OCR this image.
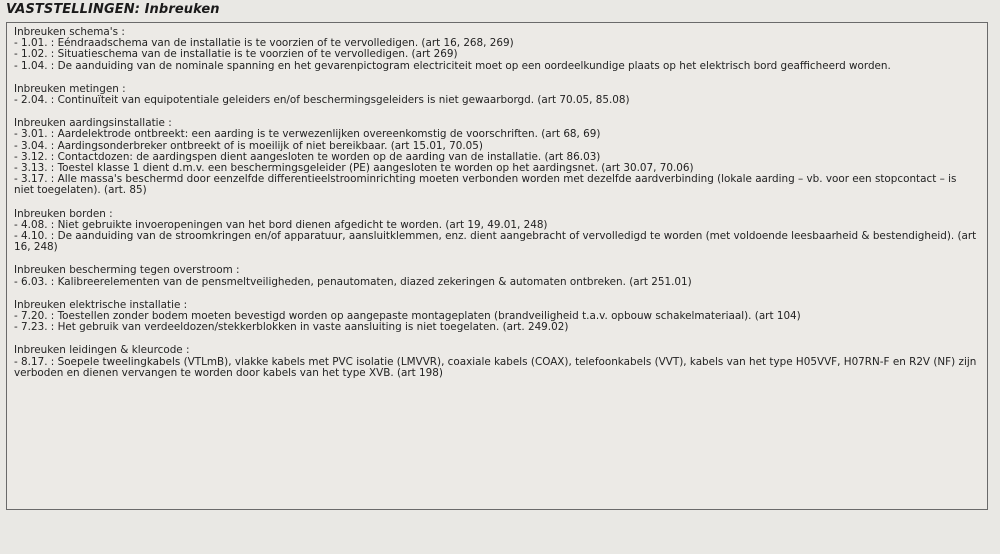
VASTSTELLINGEN: Inbreuken
Inbreuken schema's :
- 1.01. : Eéndraadschema van de installatie is te voorzien of te vervolledigen. (art 16, 268, 269)
- 1.02. : Situatieschema van de installatie is te voorzien of te vervolledigen. (art 269)
- 1.04. : De aanduiding van de nominale spanning en het gevarenpictogram electriciteit moet op een oordeelkundige plaats op het elektrisch bord geafficheerd worden.
Inbreuken metingen :
- 2.04. : Continuïteit van equipotentiale geleiders en/of beschermingsgeleiders is niet gewaarborgd. (art 70.05, 85.08)
Inbreuken aardingsinstallatie :
- 3.01. : Aardelektrode ontbreekt: een aarding is te verwezenlijken overeenkomstig de voorschriften. (art 68, 69)
- 3.04. : Aardingsonderbreker ontbreekt of is moeilijk of niet bereikbaar. (art 15.01, 70.05)
- 3.12. : Contactdozen: de aardingspen dient aangesloten te worden op de aarding van de installatie. (art 86.03)
- 3.13. : Toestel klasse 1 dient d.m.v. een beschermingsgeleider (PE) aangesloten te worden op het aardingsnet. (art 30.07, 70.06)
- 3.17. : Alle massa's beschermd door eenzelfde differentieelstroominrichting moeten verbonden worden met dezelfde aardverbinding (lokale aarding – vb. voor een stopcontact – is niet toegelaten). (art. 85)
Inbreuken borden :
- 4.08. : Niet gebruikte invoeropeningen van het bord dienen afgedicht te worden. (art 19, 49.01, 248)
- 4.10. : De aanduiding van de stroomkringen en/of apparatuur, aansluitklemmen, enz. dient aangebracht of vervolledigd te worden (met voldoende leesbaarheid & bestendigheid). (art 16, 248)
Inbreuken bescherming tegen overstroom :
- 6.03. : Kalibreerelementen van de pensmeltveiligheden, penautomaten, diazed zekeringen & automaten ontbreken. (art 251.01)
Inbreuken elektrische installatie :
- 7.20. : Toestellen zonder bodem moeten bevestigd worden op aangepaste montageplaten (brandveiligheid t.a.v. opbouw schakelmateriaal). (art 104)
- 7.23. : Het gebruik van verdeeldozen/stekkerblokken in vaste aansluiting is niet toegelaten. (art. 249.02)
Inbreuken leidingen & kleurcode :
- 8.17. : Soepele tweelingkabels (VTLmB), vlakke kabels met PVC isolatie (LMVVR), coaxiale kabels (COAX), telefoonkabels (VVT), kabels van het type H05VVF, H07RN-F en R2V (NF) zijn verboden en dienen vervangen te worden door kabels van het type XVB. (art 198)
